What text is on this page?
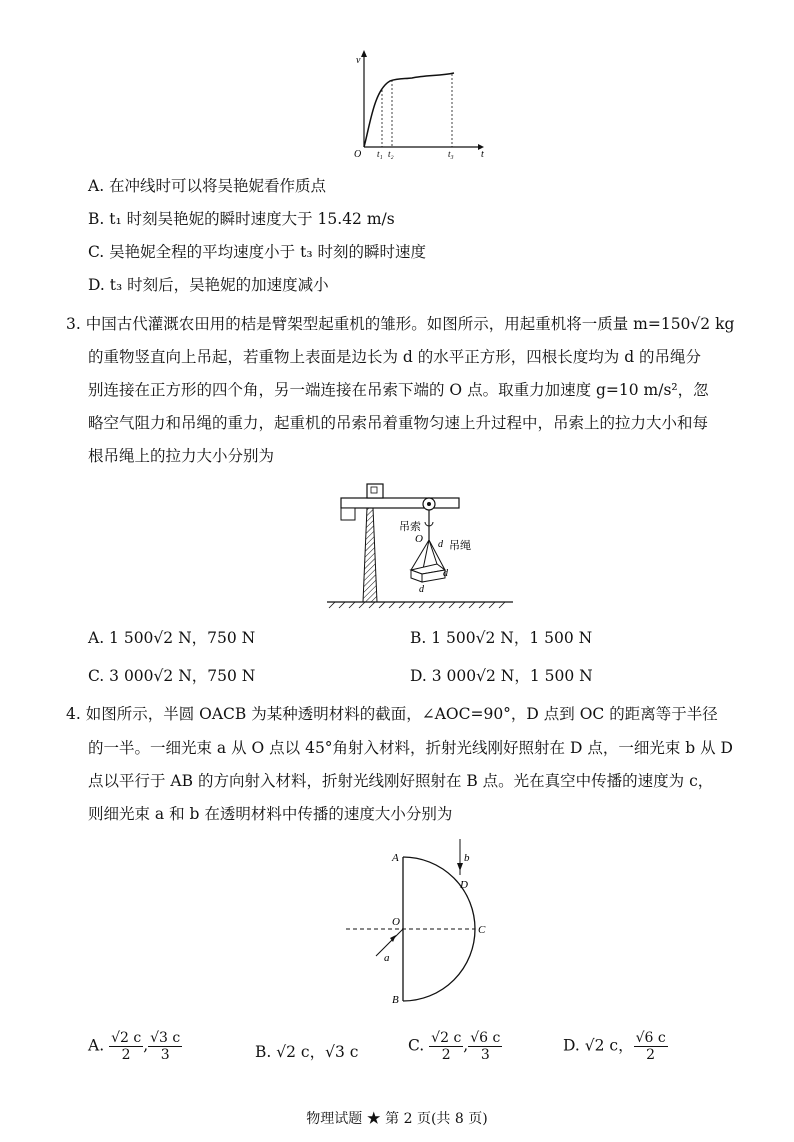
v
O t₁ t₂	t₃	t
A. 在冲线时可以将吴艳妮看作质点
B. t₁ 时刻吴艳妮的瞬时速度大于 15.42 m/s
C. 吴艳妮全程的平均速度小于 t₃ 时刻的瞬时速度
D. t₃ 时刻后，吴艳妮的加速度减小
3. 中国古代灌溉农田用的桔是臂架型起重机的雏形。如图所示，用起重机将一质量 m=150√2 kg
的重物竖直向上吊起，若重物上表面是边长为 d 的水平正方形，四根长度均为 d 的吊绳分
别连接在正方形的四个角，另一端连接在吊索下端的 O 点。取重力加速度 g=10 m/s²，忽
略空气阻力和吊绳的重力，起重机的吊索吊着重物匀速上升过程中，吊索上的拉力大小和每
根吊绳上的拉力大小分别为
吊索
O d 吊绳
d
d
A. 1 500√2 N，750 N	B. 1 500√2 N，1 500 N
C. 3 000√2 N，750 N	D. 3 000√2 N，1 500 N
4. 如图所示，半圆 OACB 为某种透明材料的截面，∠AOC=90°，D 点到 OC 的距离等于半径
的一半。一细光束 a 从 O 点以 45°角射入材料，折射光线刚好照射在 D 点，一细光束 b 从 D
点以平行于 AB 的方向射入材料，折射光线刚好照射在 B 点。光在真空中传播的速度为 c，
则细光束 a 和 b 在透明材料中传播的速度大小分别为
A
B
C
D
O
b
a
A. $\frac{√2 c}{2}$ , $\frac{√3 c}{3}$	B. √2 c，√3 c	C. $\frac{√2 c}{2}$ , $\frac{√6 c}{3}$	D. √2 c， $\frac{√6 c}{2}$
物理试题 ★ 第 2 页(共 8 页)
